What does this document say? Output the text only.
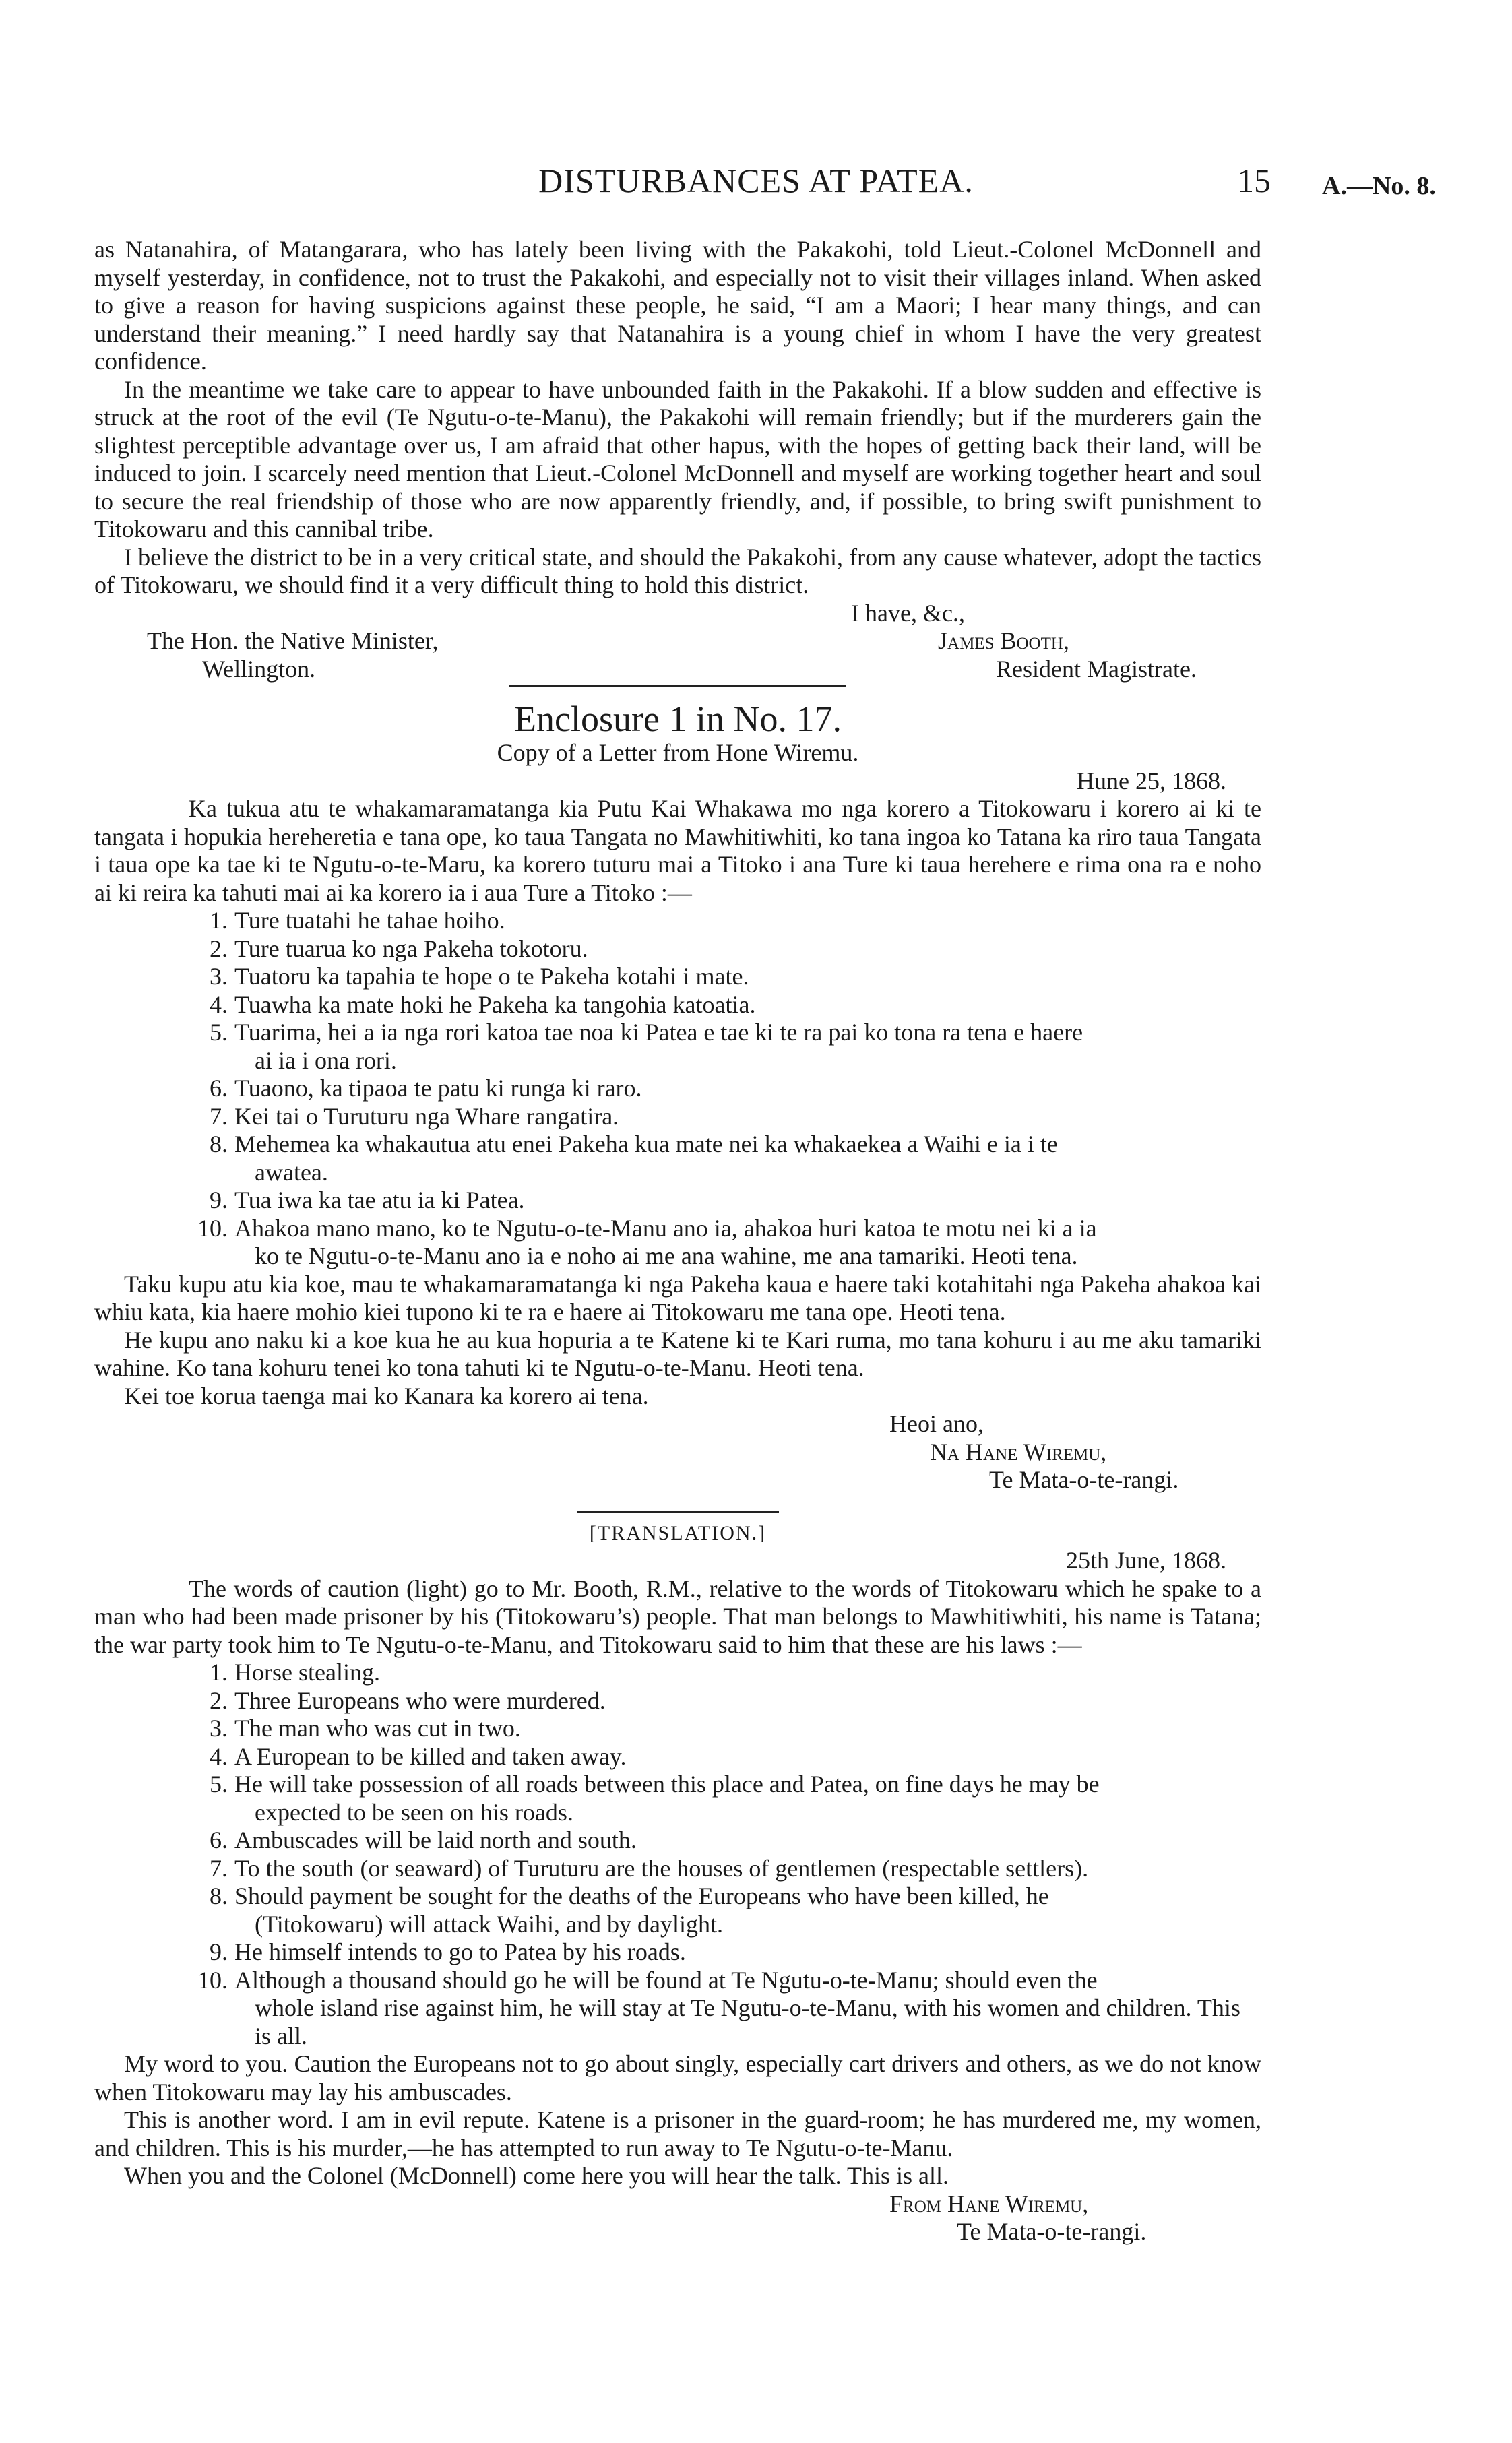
DISTURBANCES AT PATEA.	15 A.—No. 8.

as Natanahira, of Matangarara, who has lately been living with the Pakakohi, told Lieut.-Colonel McDonnell and myself yesterday, in confidence, not to trust the Pakakohi, and especially not to visit their villages inland. When asked to give a reason for having suspicions against these people, he said, “I am a Maori; I hear many things, and can understand their meaning.” I need hardly say that Natanahira is a young chief in whom I have the very greatest confidence.

In the meantime we take care to appear to have unbounded faith in the Pakakohi. If a blow sudden and effective is struck at the root of the evil (Te Ngutu-o-te-Manu), the Pakakohi will remain friendly; but if the murderers gain the slightest perceptible advantage over us, I am afraid that other hapus, with the hopes of getting back their land, will be induced to join. I scarcely need mention that Lieut.-Colonel McDonnell and myself are working together heart and soul to secure the real friendship of those who are now apparently friendly, and, if possible, to bring swift punishment to Titokowaru and this cannibal tribe.

I believe the district to be in a very critical state, and should the Pakakohi, from any cause whatever, adopt the tactics of Titokowaru, we should find it a very difficult thing to hold this district.

I have, &c.,
The Hon. the Native Minister,
Wellington.
James Booth,
Resident Magistrate.
Enclosure 1 in No. 17.
Copy of a Letter from Hone Wiremu.
Hune 25, 1868.

Ka tukua atu te whakamaramatanga kia Putu Kai Whakawa mo nga korero a Titokowaru i korero ai ki te tangata i hopukia hereheretia e tana ope, ko taua Tangata no Mawhitiwhiti, ko tana ingoa ko Tatana ka riro taua Tangata i taua ope ka tae ki te Ngutu-o-te-Maru, ka korero tuturu mai a Titoko i ana Ture ki taua herehere e rima ona ra e noho ai ki reira ka tahuti mai ai ka korero ia i aua Ture a Titoko :—

1. Ture tuatahi he tahae hoiho.
2. Ture tuarua ko nga Pakeha tokotoru.
3. Tuatoru ka tapahia te hope o te Pakeha kotahi i mate.
4. Tuawha ka mate hoki he Pakeha ka tangohia katoatia.
5. Tuarima, hei a ia nga rori katoa tae noa ki Patea e tae ki te ra pai ko tona ra tena e haere
ai ia i ona rori.
6. Tuaono, ka tipaoa te patu ki runga ki raro.
7. Kei tai o Turuturu nga Whare rangatira.
8. Mehemea ka whakautua atu enei Pakeha kua mate nei ka whakaekea a Waihi e ia i te
awatea.
9. Tua iwa ka tae atu ia ki Patea.
10. Ahakoa mano mano, ko te Ngutu-o-te-Manu ano ia, ahakoa huri katoa te motu nei ki a ia
ko te Ngutu-o-te-Manu ano ia e noho ai me ana wahine, me ana tamariki. Heoti tena.

Taku kupu atu kia koe, mau te whakamaramatanga ki nga Pakeha kaua e haere taki kotahitahi nga Pakeha ahakoa kai whiu kata, kia haere mohio kiei tupono ki te ra e haere ai Titokowaru me tana ope. Heoti tena.

He kupu ano naku ki a koe kua he au kua hopuria a te Katene ki te Kari ruma, mo tana kohuru i au me aku tamariki wahine. Ko tana kohuru tenei ko tona tahuti ki te Ngutu-o-te-Manu. Heoti tena.

Kei toe korua taenga mai ko Kanara ka korero ai tena.

Heoi ano,
Na Hane Wiremu,
Te Mata-o-te-rangi.
[TRANSLATION.]
25th June, 1868.

The words of caution (light) go to Mr. Booth, R.M., relative to the words of Titokowaru which he spake to a man who had been made prisoner by his (Titokowaru’s) people. That man belongs to Mawhitiwhiti, his name is Tatana; the war party took him to Te Ngutu-o-te-Manu, and Titokowaru said to him that these are his laws :—

1. Horse stealing.
2. Three Europeans who were murdered.
3. The man who was cut in two.
4. A European to be killed and taken away.
5. He will take possession of all roads between this place and Patea, on fine days he may be
expected to be seen on his roads.
6. Ambuscades will be laid north and south.
7. To the south (or seaward) of Turuturu are the houses of gentlemen (respectable settlers).
8. Should payment be sought for the deaths of the Europeans who have been killed, he
(Titokowaru) will attack Waihi, and by daylight.
9. He himself intends to go to Patea by his roads.
10. Although a thousand should go he will be found at Te Ngutu-o-te-Manu; should even the
whole island rise against him, he will stay at Te Ngutu-o-te-Manu, with his women and children. This is all.

My word to you. Caution the Europeans not to go about singly, especially cart drivers and others, as we do not know when Titokowaru may lay his ambuscades.

This is another word. I am in evil repute. Katene is a prisoner in the guard-room; he has murdered me, my women, and children. This is his murder,—he has attempted to run away to Te Ngutu-o-te-Manu.

When you and the Colonel (McDonnell) come here you will hear the talk. This is all.

From Hane Wiremu,
Te Mata-o-te-rangi.
